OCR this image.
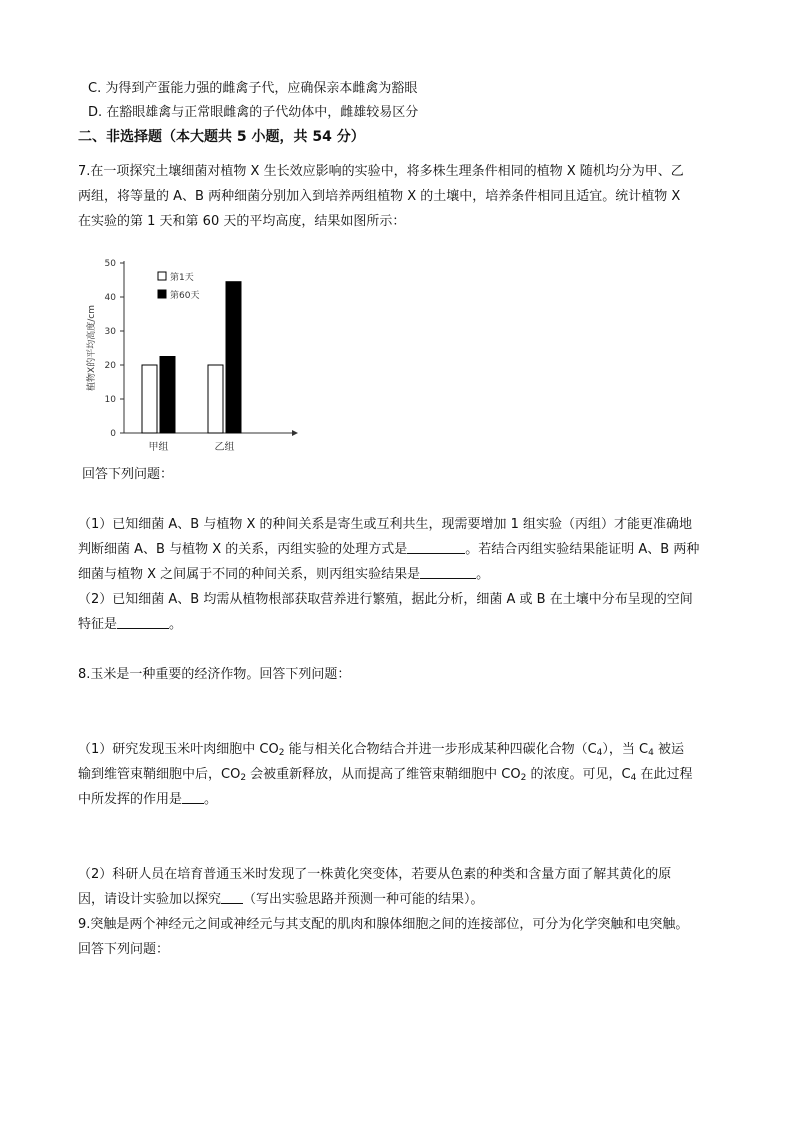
C. 为得到产蛋能力强的雌禽子代，应确保亲本雌禽为豁眼
D. 在豁眼雄禽与正常眼雌禽的子代幼体中，雌雄较易区分
二、非选择题（本大题共 5 小题，共 54 分）
7.在一项探究土壤细菌对植物 X 生长效应影响的实验中，将多株生理条件相同的植物 X 随机均分为甲、乙
两组，将等量的 A、B 两种细菌分别加入到培养两组植物 X 的土壤中，培养条件相同且适宜。统计植物 X
在实验的第 1 天和第 60 天的平均高度，结果如图所示：
0
10
20
30
40
50
植物X的平均高度/cm
甲组	乙组
第1天
第60天
回答下列问题：
（1）已知细菌 A、B 与植物 X 的种间关系是寄生或互利共生，现需要增加 1 组实验（丙组）才能更准确地
判断细菌 A、B 与植物 X 的关系，丙组实验的处理方式是	。若结合丙组实验结果能证明 A、B 两种
细菌与植物 X 之间属于不同的种间关系，则丙组实验结果是	。
（2）已知细菌 A、B 均需从植物根部获取营养进行繁殖，据此分析，细菌 A 或 B 在土壤中分布呈现的空间
特征是	。
8.玉米是一种重要的经济作物。回答下列问题：
（1）研究发现玉米叶肉细胞中 $CO_2$ 能与相关化合物结合并进一步形成某种四碳化合物$(C_4)$，当 $C_4$ 被运
输到维管束鞘细胞中后，$CO_2$ 会被重新释放，从而提高了维管束鞘细胞中 $CO_2$ 的浓度。可见，$C_4$ 在此过程
中所发挥的作用是 。
（2）科研人员在培育普通玉米时发现了一株黄化突变体，若要从色素的种类和含量方面了解其黄化的原
因，请设计实验加以探究 （写出实验思路并预测一种可能的结果）。
9.突触是两个神经元之间或神经元与其支配的肌肉和腺体细胞之间的连接部位，可分为化学突触和电突触。
回答下列问题：
